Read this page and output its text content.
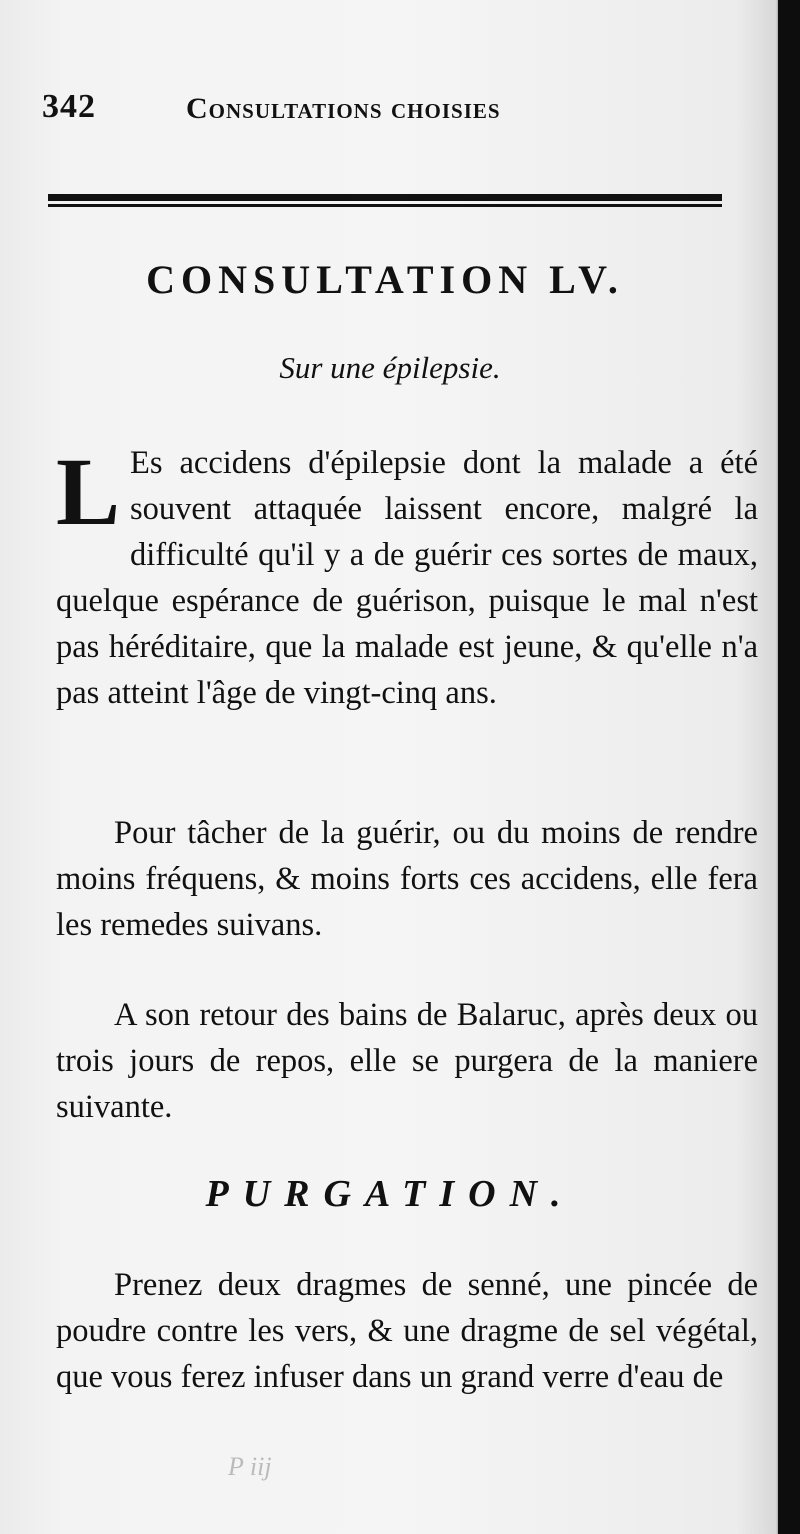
342	Consultations choisies
CONSULTATION LV.
Sur une épilepsie.
L Es accidens d'épilepsie dont la malade a été souvent attaquée laissent encore, malgré la difficulté qu'il y a de guérir ces sortes de maux, quelque espérance de guérison, puisque le mal n'est pas héréditaire, que la malade est jeune, & qu'elle n'a pas atteint l'âge de vingt-cinq ans.
Pour tâcher de la guérir, ou du moins de rendre moins fréquens, & moins forts ces accidens, elle fera les remedes suivans.
A son retour des bains de Balaruc, après deux ou trois jours de repos, elle se purgera de la maniere suivante.
PURGATION.
Prenez deux dragmes de senné, une pincée de poudre contre les vers, & une dragme de sel végétal, que vous ferez infuser dans un grand verre d'eau de
P iij
